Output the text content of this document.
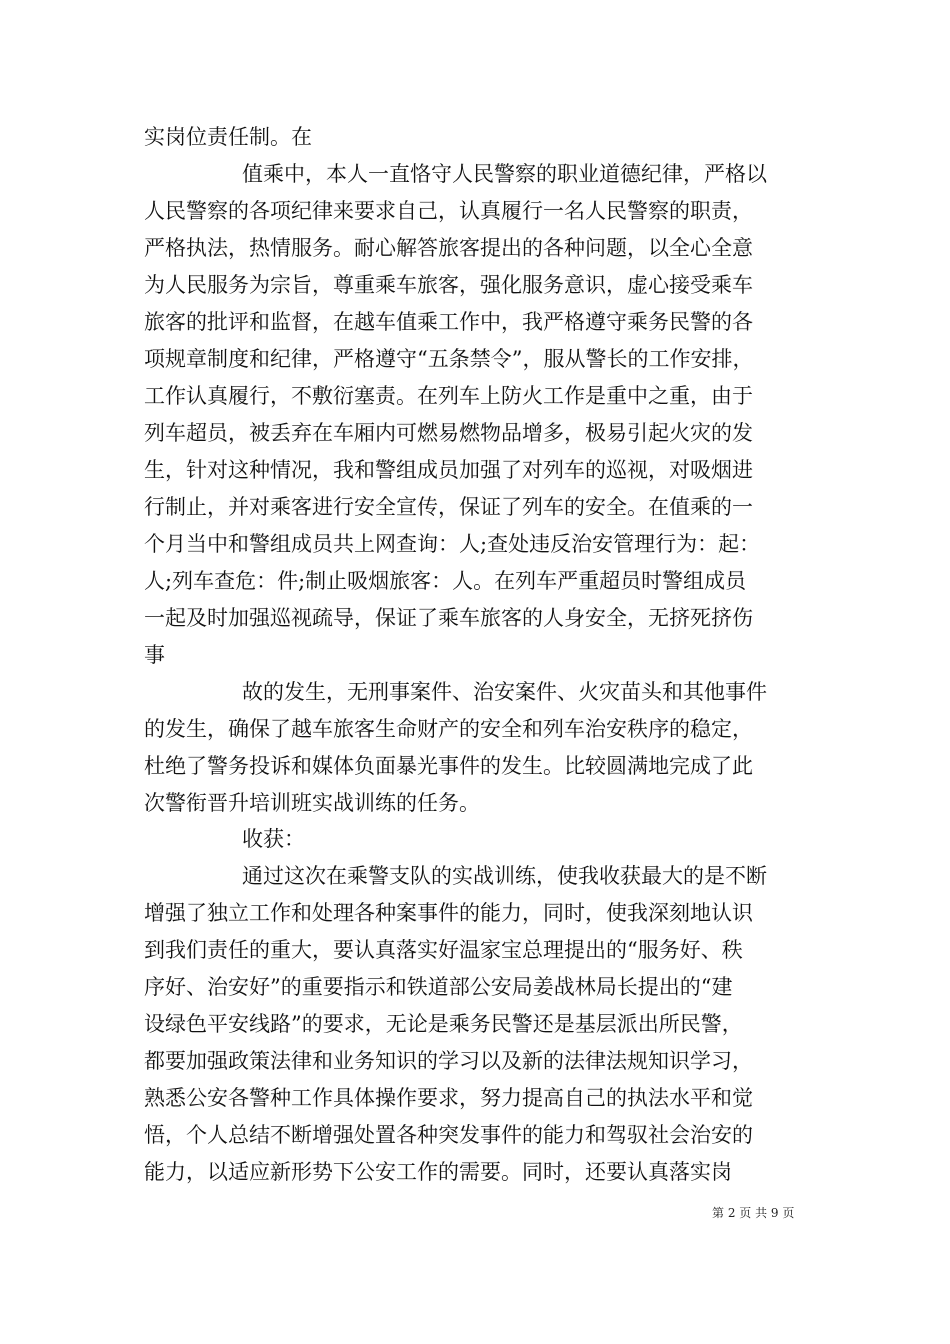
实岗位责任制。在
值乘中，本人一直恪守人民警察的职业道德纪律，严格以
人民警察的各项纪律来要求自己，认真履行一名人民警察的职责，
严格执法，热情服务。耐心解答旅客提出的各种问题，以全心全意
为人民服务为宗旨，尊重乘车旅客，强化服务意识，虚心接受乘车
旅客的批评和监督，在越车值乘工作中，我严格遵守乘务民警的各
项规章制度和纪律，严格遵守“五条禁令”，服从警长的工作安排，
工作认真履行，不敷衍塞责。在列车上防火工作是重中之重，由于
列车超员，被丢弃在车厢内可燃易燃物品增多，极易引起火灾的发
生，针对这种情况，我和警组成员加强了对列车的巡视，对吸烟进
行制止，并对乘客进行安全宣传，保证了列车的安全。在值乘的一
个月当中和警组成员共上网查询：人;查处违反治安管理行为：起：
人;列车查危：件;制止吸烟旅客：人。在列车严重超员时警组成员
一起及时加强巡视疏导，保证了乘车旅客的人身安全，无挤死挤伤
事
故的发生，无刑事案件、治安案件、火灾苗头和其他事件
的发生，确保了越车旅客生命财产的安全和列车治安秩序的稳定，
杜绝了警务投诉和媒体负面暴光事件的发生。比较圆满地完成了此
次警衔晋升培训班实战训练的任务。
收获：
通过这次在乘警支队的实战训练，使我收获最大的是不断
增强了独立工作和处理各种案事件的能力，同时，使我深刻地认识
到我们责任的重大，要认真落实好温家宝总理提出的“服务好、秩
序好、治安好”的重要指示和铁道部公安局姜战林局长提出的“建
设绿色平安线路”的要求，无论是乘务民警还是基层派出所民警，
都要加强政策法律和业务知识的学习以及新的法律法规知识学习，
熟悉公安各警种工作具体操作要求，努力提高自己的执法水平和觉
悟，个人总结不断增强处置各种突发事件的能力和驾驭社会治安的
能力，以适应新形势下公安工作的需要。同时，还要认真落实岗
第 2 页 共 9 页
